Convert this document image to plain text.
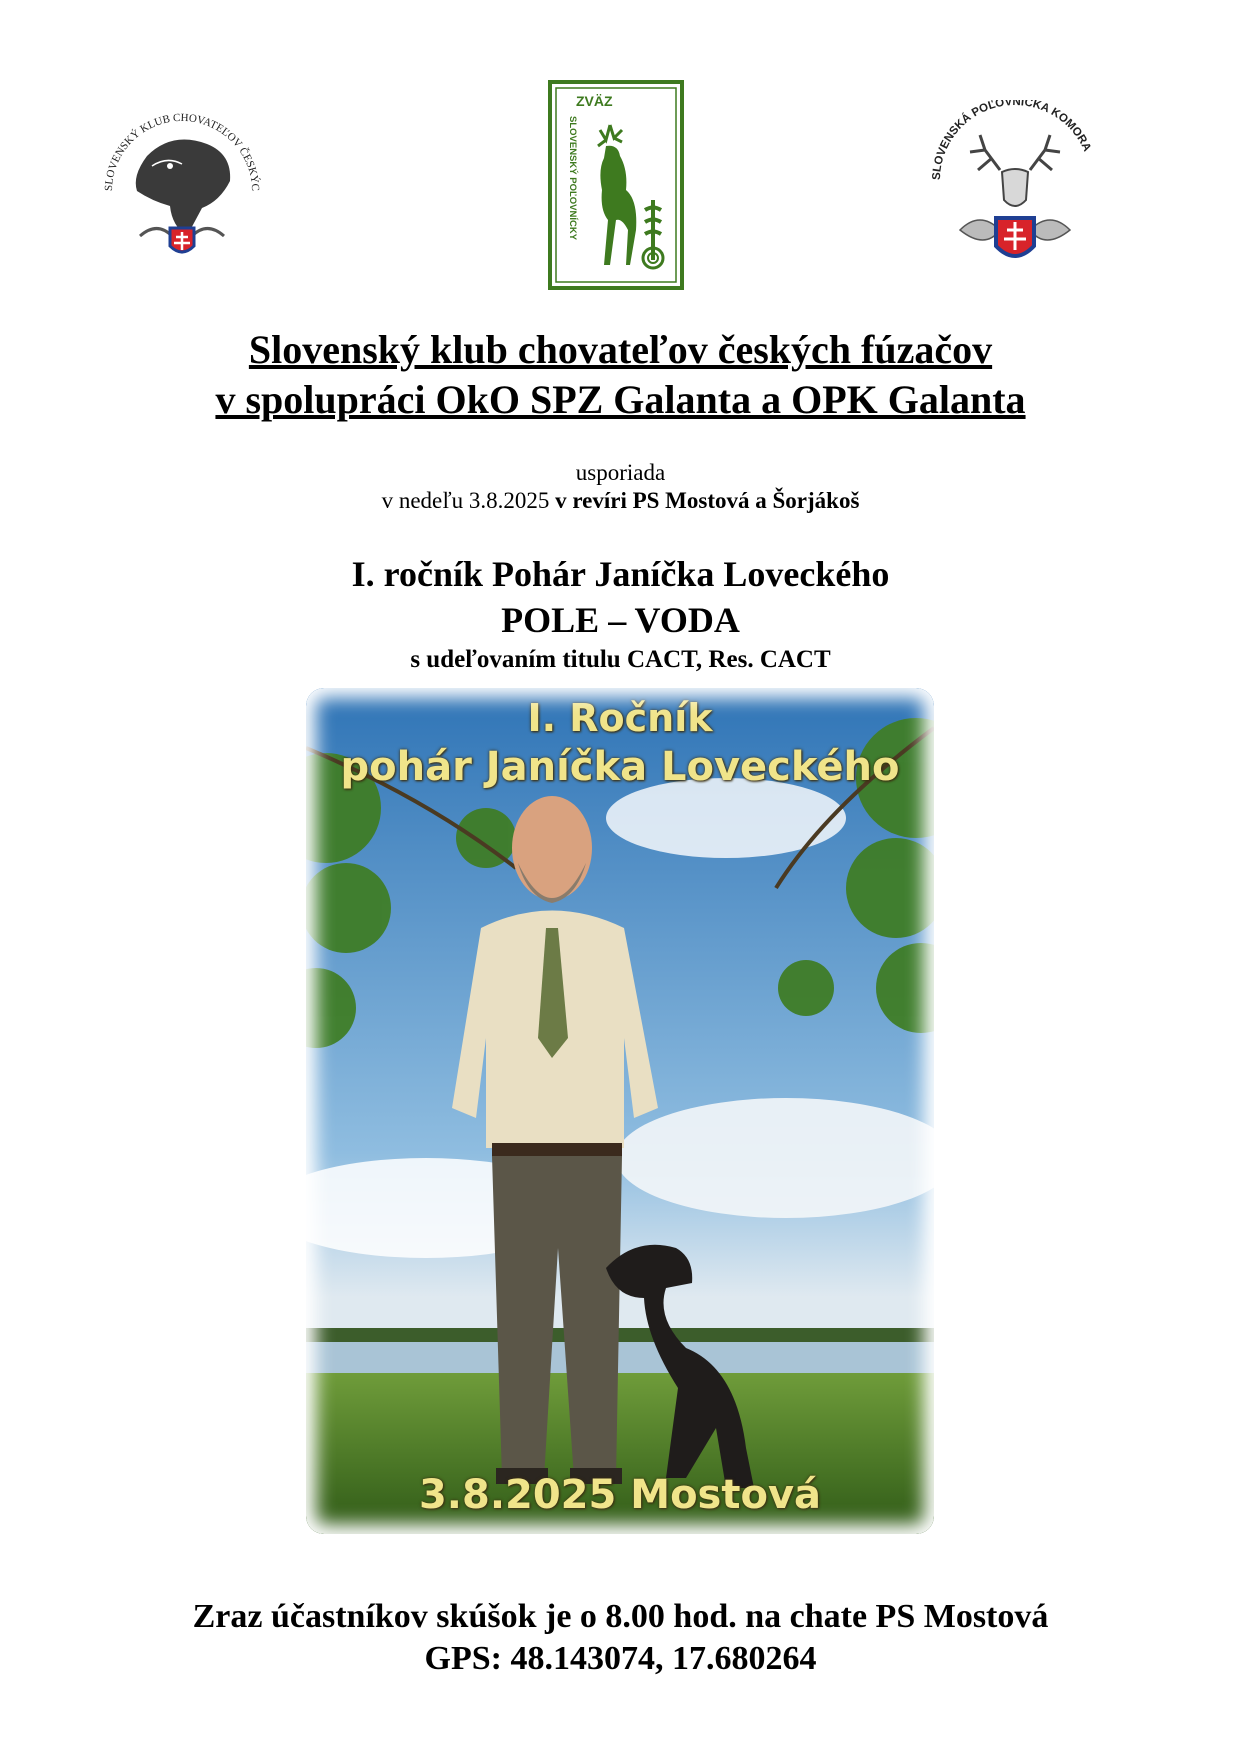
SLOVENSKÝ KLUB CHOVATEĽOV ČESKÝC
ZVÄZ
SLOVENSKÝ POĽOVNÍCKY	SLOVENSKÁ POĽOVNÍCKA KOMORA
Slovenský klub chovateľov českých fúzačov
v spolupráci OkO SPZ Galanta a OPK Galanta
usporiada
v nedeľu 3.8.2025 v revíri PS Mostová a Šorjákoš
I. ročník Pohár Janíčka Loveckého
POLE – VODA
s udeľovaním titulu CACT, Res. CACT
I. Ročník
pohár Janíčka Loveckého
3.8.2025 Mostová
Zraz účastníkov skúšok je o 8.00 hod. na chate PS Mostová
GPS: 48.143074, 17.680264
